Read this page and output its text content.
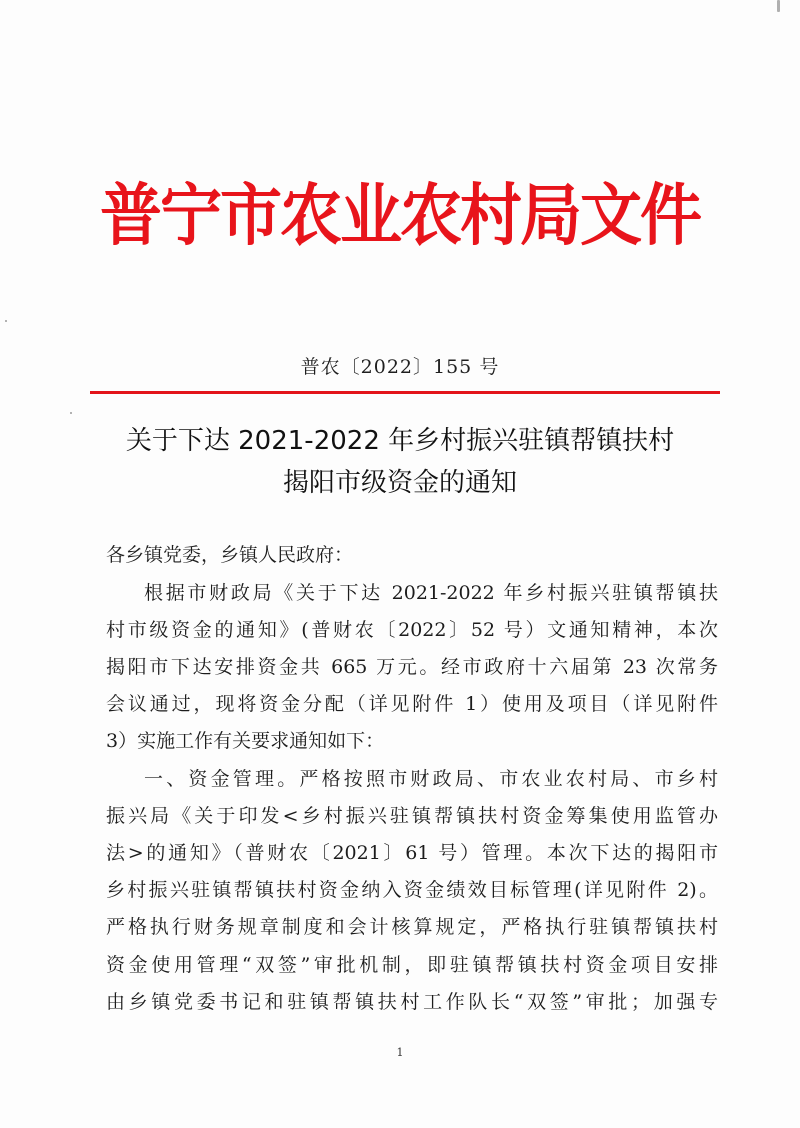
普宁市农业农村局文件
普农〔2022〕155 号
关于下达 2021-2022 年乡村振兴驻镇帮镇扶村
揭阳市级资金的通知
各乡镇党委，乡镇人民政府：
根据市财政局《关于下达 2021-2022 年乡村振兴驻镇帮镇扶
村市级资金的通知》(普财农〔2022〕52 号）文通知精神，本次
揭阳市下达安排资金共 665 万元。经市政府十六届第 23 次常务
会议通过，现将资金分配（详见附件 1）使用及项目（详见附件
3）实施工作有关要求通知如下：
一、资金管理。严格按照市财政局、市农业农村局、市乡村
振兴局《关于印发<乡村振兴驻镇帮镇扶村资金筹集使用监管办
法>的通知》（普财农〔2021〕61 号）管理。本次下达的揭阳市
乡村振兴驻镇帮镇扶村资金纳入资金绩效目标管理(详见附件 2)。
严格执行财务规章制度和会计核算规定，严格执行驻镇帮镇扶村
资金使用管理“双签”审批机制，即驻镇帮镇扶村资金项目安排
由乡镇党委书记和驻镇帮镇扶村工作队长“双签”审批；加强专
1
